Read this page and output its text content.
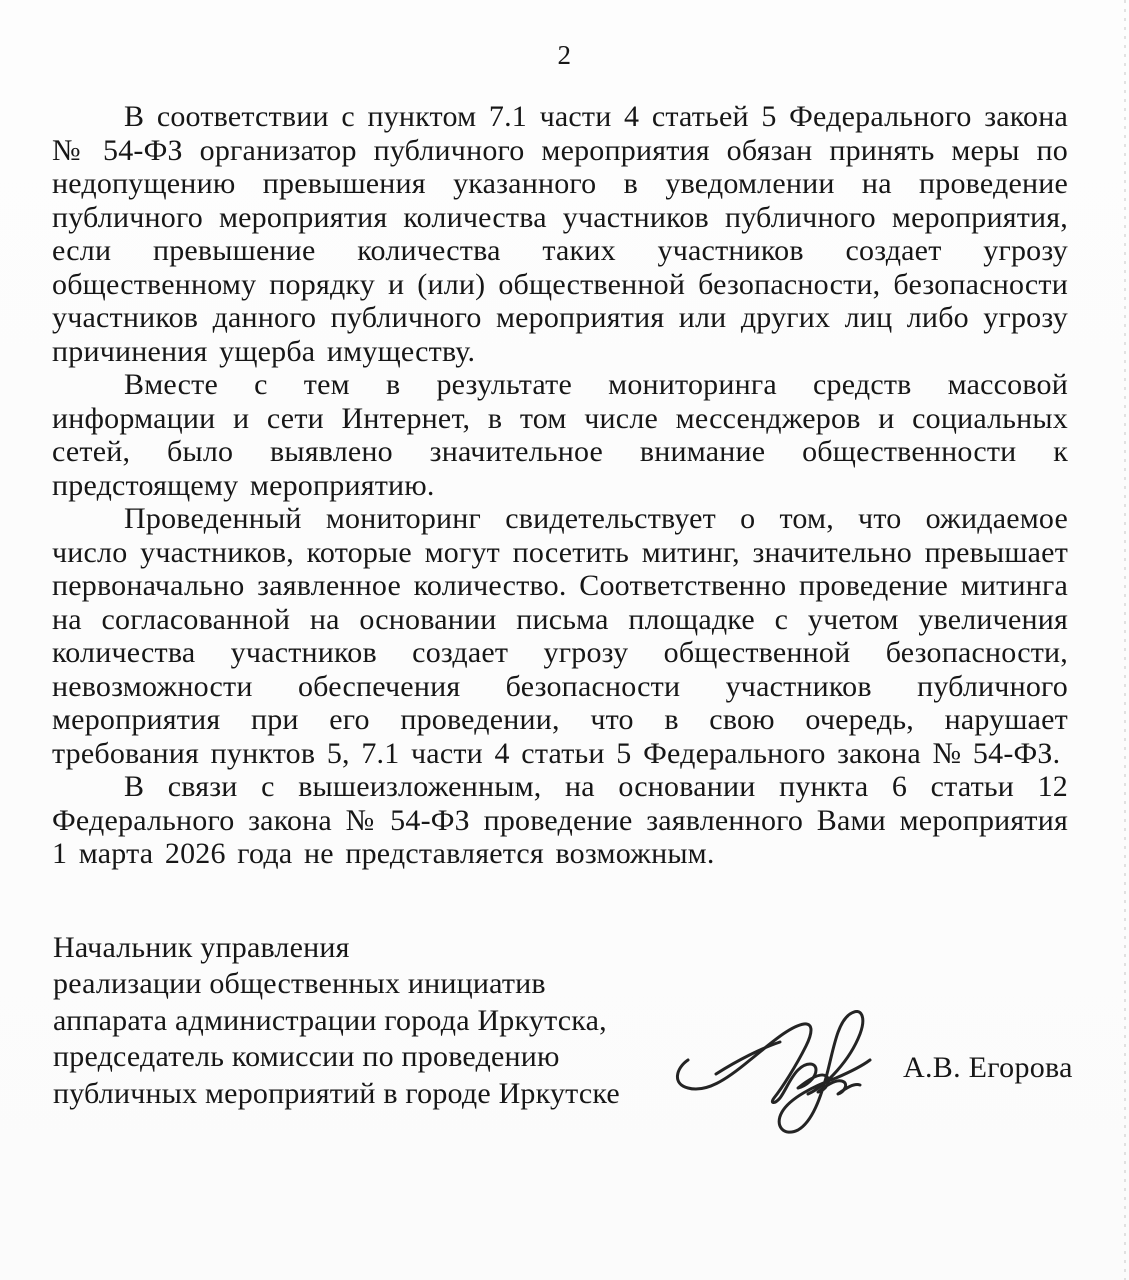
2

В соответствии с пунктом 7.1 части 4 статьей 5 Федерального закона № 54-ФЗ организатор публичного мероприятия обязан принять меры по недопущению превышения указанного в уведомлении на проведение публичного мероприятия количества участников публичного мероприятия, если превышение количества таких участников создает угрозу общественному порядку и (или) общественной безопасности, безопасности участников данного публичного мероприятия или других лиц либо угрозу причинения ущерба имуществу.

Вместе с тем в результате мониторинга средств массовой информации и сети Интернет, в том числе мессенджеров и социальных сетей, было выявлено значительное внимание общественности к предстоящему мероприятию.

Проведенный мониторинг свидетельствует о том, что ожидаемое число участников, которые могут посетить митинг, значительно превышает первоначально заявленное количество. Соответственно проведение митинга на согласованной на основании письма площадке с учетом увеличения количества участников создает угрозу общественной безопасности, невозможности обеспечения безопасности участников публичного мероприятия при его проведении, что в свою очередь, нарушает требования пунктов 5, 7.1 части 4 статьи 5 Федерального закона № 54-ФЗ.

В связи с вышеизложенным, на основании пункта 6 статьи 12 Федерального закона № 54-ФЗ проведение заявленного Вами мероприятия 1 марта 2026 года не представляется возможным.

Начальник управления
реализации общественных инициатив
аппарата администрации города Иркутска,
председатель комиссии по проведению
публичных мероприятий в городе Иркутске
А.В. Егорова
